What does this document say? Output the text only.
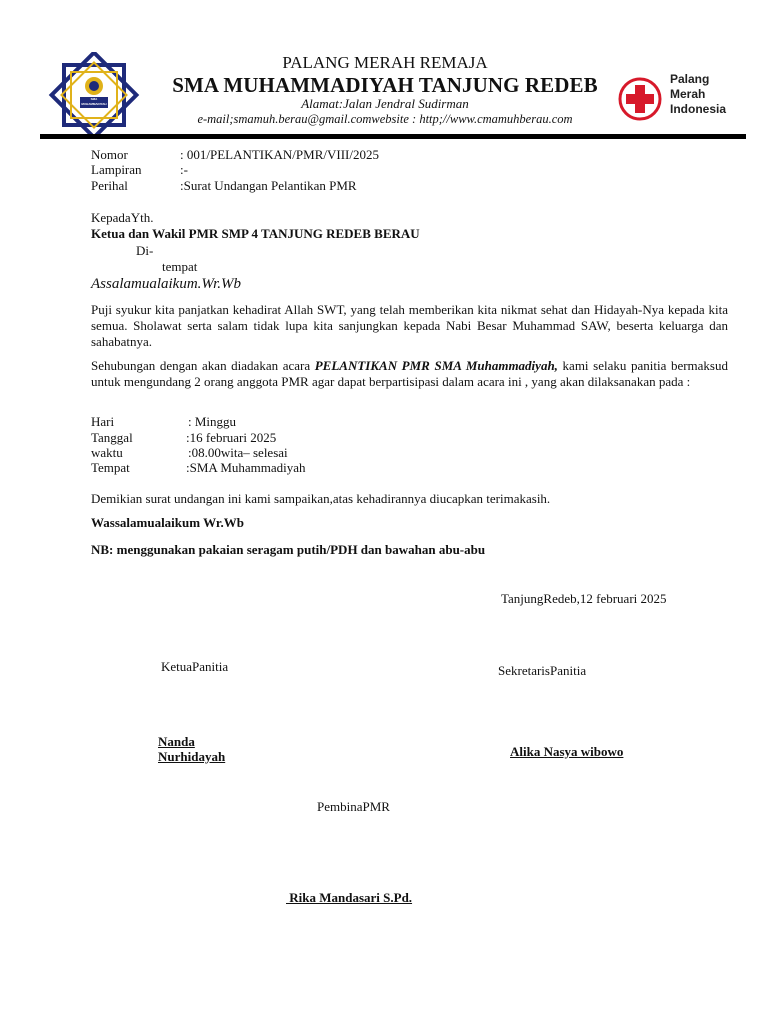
SMA MUHAMMADIYAH TANJUNG REDEB
PALANG MERAH REMAJA
SMA MUHAMMADIYAH TANJUNG REDEB
Alamat:Jalan Jendral Sudirman
e-mail;smamuh.berau@gmail.comwebsite : http;//www.cmamuhberau.com
Palang
Merah
Indonesia
Nomor	: 001/PELANTIKAN/PMR/VIII/2025
Lampiran	:-
Perihal	:Surat Undangan Pelantikan PMR
KepadaYth.
Ketua dan Wakil PMR SMP 4 TANJUNG REDEB BERAU
Di-
tempat
Assalamualaikum.Wr.Wb
Puji syukur kita panjatkan kehadirat Allah SWT, yang telah memberikan kita nikmat sehat dan Hidayah-Nya kepada kita semua. Sholawat serta salam tidak lupa kita sanjungkan kepada Nabi Besar Muhammad SAW, beserta keluarga dan sahabatnya.
Sehubungan dengan akan diadakan acara PELANTIKAN PMR SMA Muhammadiyah, kami selaku panitia bermaksud untuk mengundang 2 orang anggota PMR agar dapat berpartisipasi dalam acara ini , yang akan dilaksanakan pada :
Hari	: Minggu
Tanggal	:16 februari 2025
waktu	:08.00wita– selesai
Tempat	:SMA Muhammadiyah
Demikian surat undangan ini kami sampaikan,atas kehadirannya diucapkan terimakasih.
Wassalamualaikum Wr.Wb
NB: menggunakan pakaian seragam putih/PDH dan bawahan abu-abu
TanjungRedeb,12 februari 2025
KetuaPanitia	SekretarisPanitia
Nanda
Nurhidayah	Alika Nasya wibowo
PembinaPMR
Rika Mandasari S.Pd.
